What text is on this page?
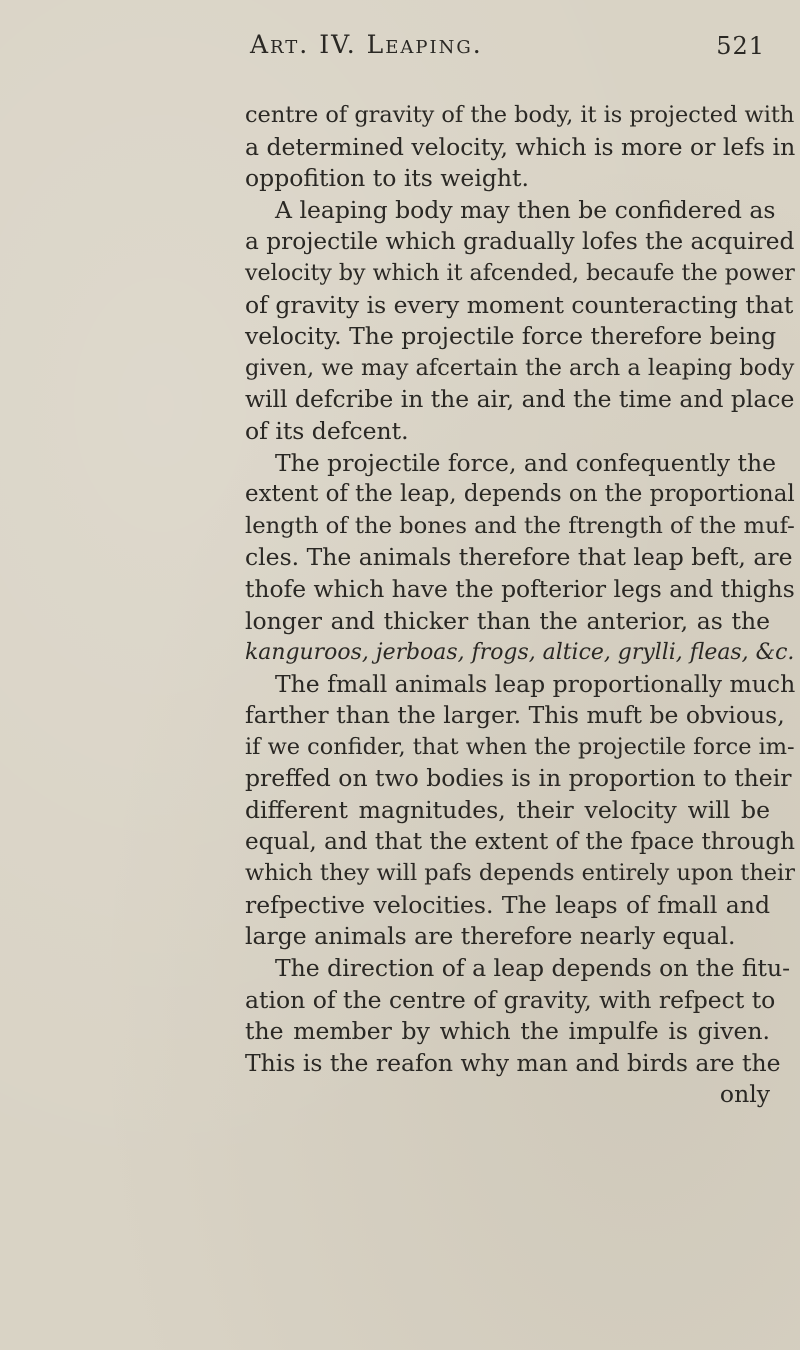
Art. IV. Leaping.	521
centre of gravity of the body, it is projected with
a determined velocity, which is more or lefs in
oppofition to its weight.
A leaping body may then be confidered as
a projectile which gradually lofes the acquired
velocity by which it afcended, becaufe the power
of gravity is every moment counteracting that
velocity. The projectile force therefore being
given, we may afcertain the arch a leaping body
will defcribe in the air, and the time and place
of its defcent.
The projectile force, and confequently the
extent of the leap, depends on the proportional
length of the bones and the ftrength of the muf-
cles. The animals therefore that leap beft, are
thofe which have the pofterior legs and thighs
longer and thicker than the anterior, as the
kanguroos, jerboas, frogs, altice, grylli, fleas, &c.
The fmall animals leap proportionally much
farther than the larger. This muft be obvious,
if we confider, that when the projectile force im-
preffed on two bodies is in proportion to their
different magnitudes, their velocity will be
equal, and that the extent of the fpace through
which they will pafs depends entirely upon their
refpective velocities. The leaps of fmall and
large animals are therefore nearly equal.
The direction of a leap depends on the fitu-
ation of the centre of gravity, with refpect to
the member by which the impulfe is given.
This is the reafon why man and birds are the
only
